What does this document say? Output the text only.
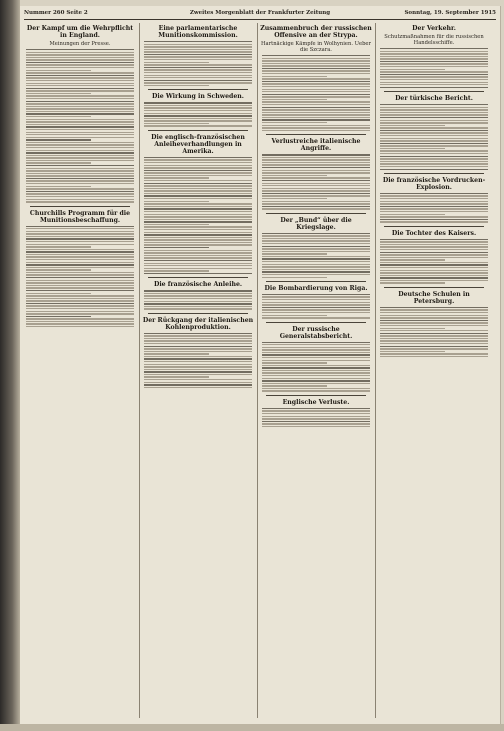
Nummer 260 Seite 2	Zweites Morgenblatt der Frankfurter Zeitung	Sonntag, 19. September 1915
Der Kampf um die Wehrpflicht in England.
Meinungen der Presse.
Churchills Programm für die Munitionsbeschaffung.
Eine parlamentarische Munitionskommission.
Die Wirkung in Schweden.
Die englisch-französischen Anleiheverhandlungen in Amerika.
Die französische Anleihe.
Der Rückgang der italienischen Kohlenproduktion.
Zusammenbruch der russischen Offensive an der Strypa.
Hartnäckige Kämpfe in Wolhynien. Ueber die Szczara.
Verlustreiche italienische Angriffe.
Der „Bund“ über die Kriegslage.
Die Bombardierung von Riga.
Der russische Generalstabsbericht.
Englische Verluste.
Der Verkehr.
Schutzmaßnahmen für die russischen Handelsschiffe.
Der türkische Bericht.
Die französische Vordrucken-Explosion.
Die Tochter des Kaisers.
Deutsche Schulen in Petersburg.
